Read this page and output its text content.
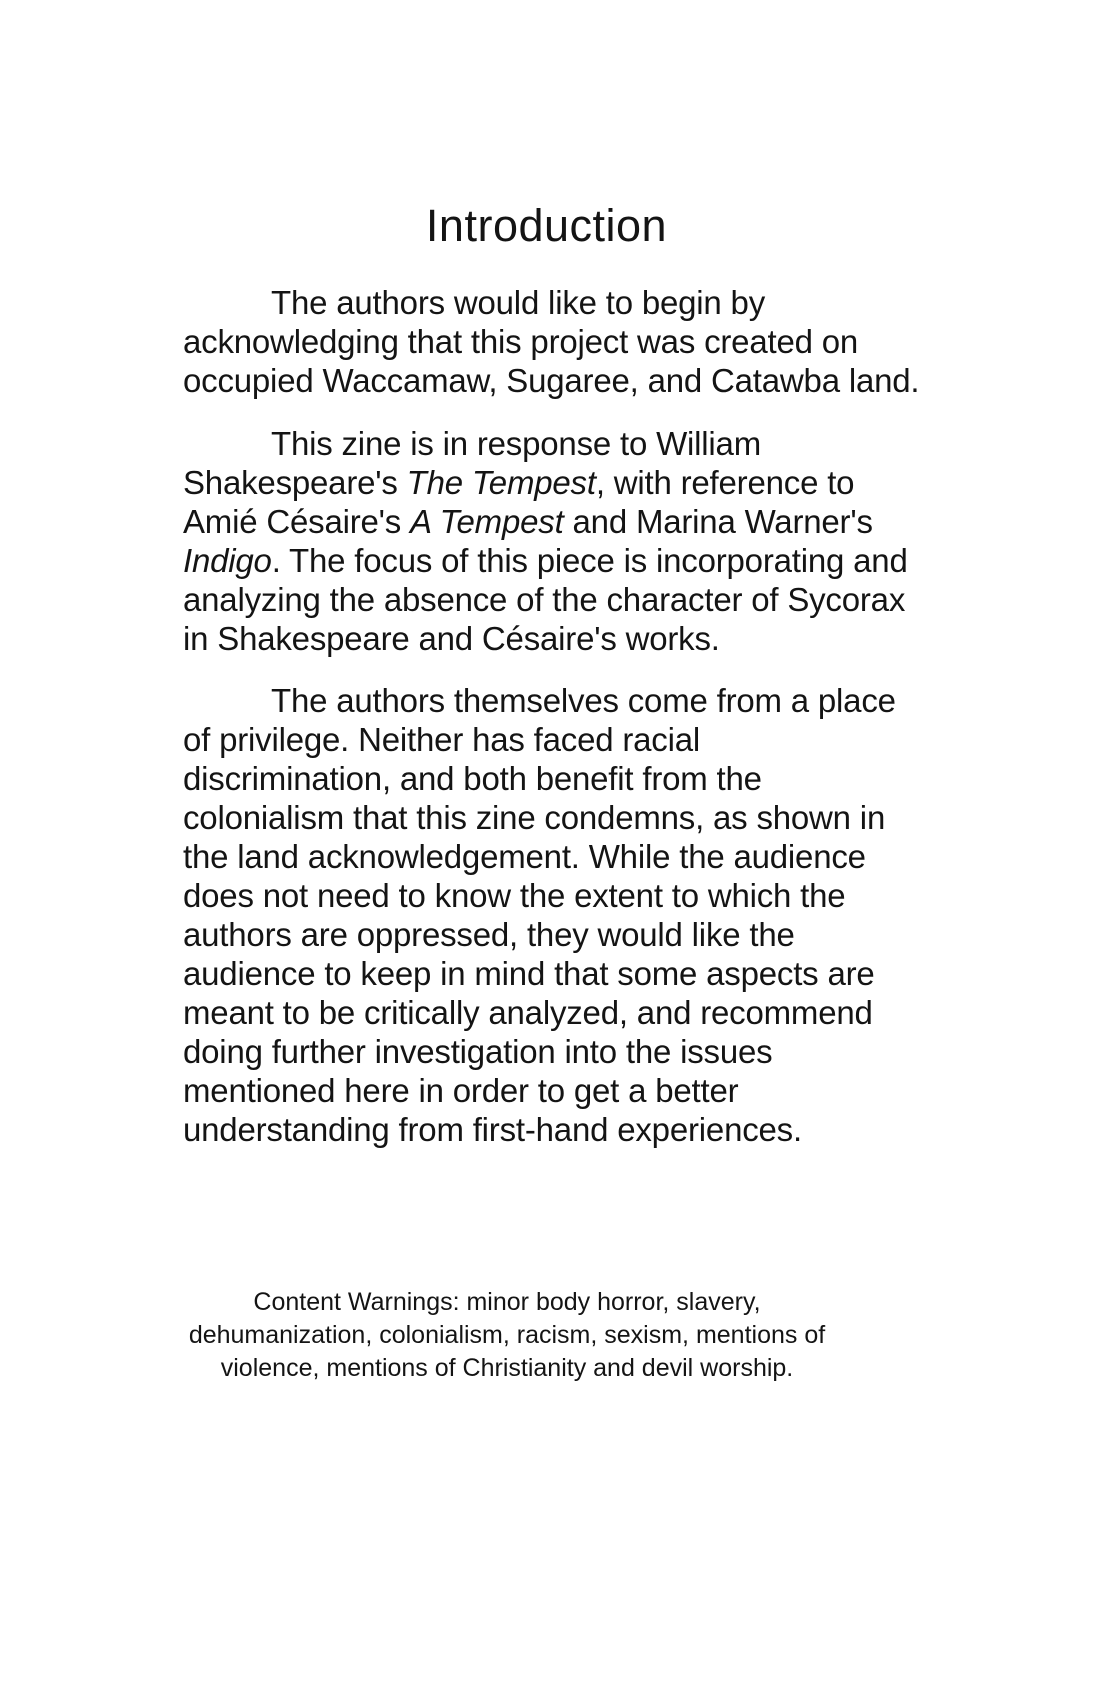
Introduction
The authors would like to begin by
acknowledging that this project was created on
occupied Waccamaw, Sugaree, and Catawba land.
This zine is in response to William
Shakespeare's The Tempest, with reference to
Amié Césaire's A Tempest and Marina Warner's
Indigo. The focus of this piece is incorporating and
analyzing the absence of the character of Sycorax
in Shakespeare and Césaire's works.
The authors themselves come from a place
of privilege. Neither has faced racial
discrimination, and both benefit from the
colonialism that this zine condemns, as shown in
the land acknowledgement. While the audience
does not need to know the extent to which the
authors are oppressed, they would like the
audience to keep in mind that some aspects are
meant to be critically analyzed, and recommend
doing further investigation into the issues
mentioned here in order to get a better
understanding from first-hand experiences.
Content Warnings: minor body horror, slavery,
dehumanization, colonialism, racism, sexism, mentions of
violence, mentions of Christianity and devil worship.
